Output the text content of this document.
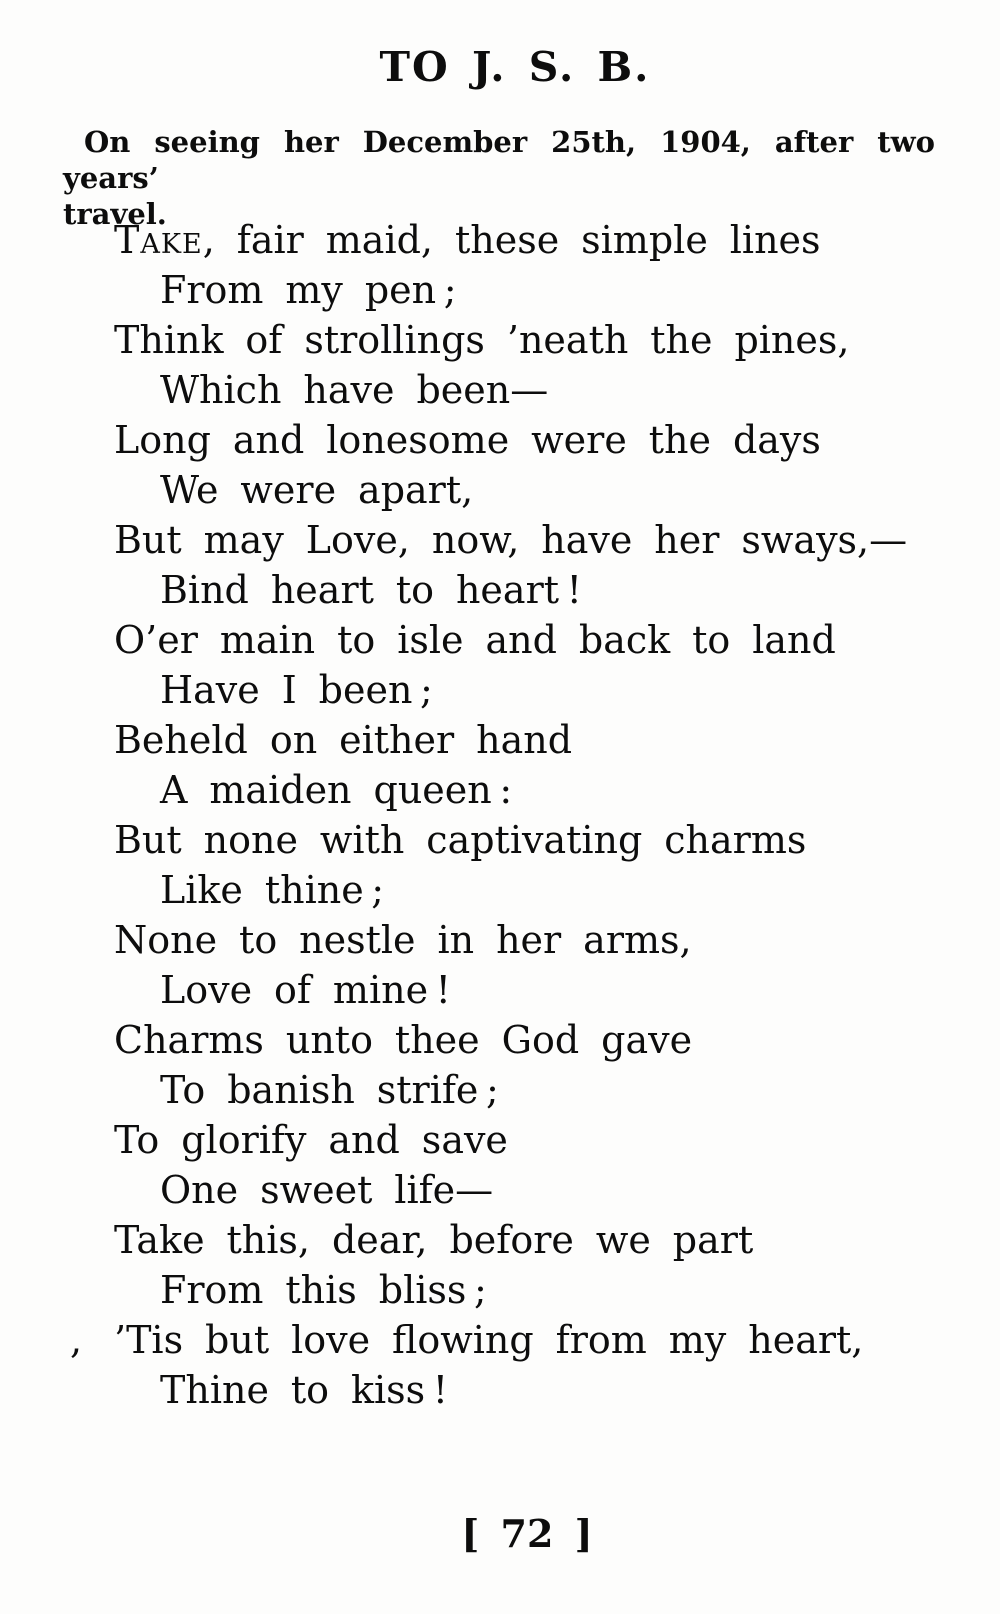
TO J. S. B.
On seeing her December 25th, 1904, after two years’
travel.
Take, fair maid, these simple lines
From my pen ;
Think of strollings ’neath the pines,
Which have been—
Long and lonesome were the days
We were apart,
But may Love, now, have her sways,—
Bind heart to heart !
O’er main to isle and back to land
Have I been ;
Beheld on either hand
A maiden queen :
But none with captivating charms
Like thine ;
None to nestle in her arms,
Love of mine !
Charms unto thee God gave
To banish strife ;
To glorify and save
One sweet life—
Take this, dear, before we part
From this bliss ;
’Tis but love flowing from my heart,
Thine to kiss !
,
[ 72 ]
